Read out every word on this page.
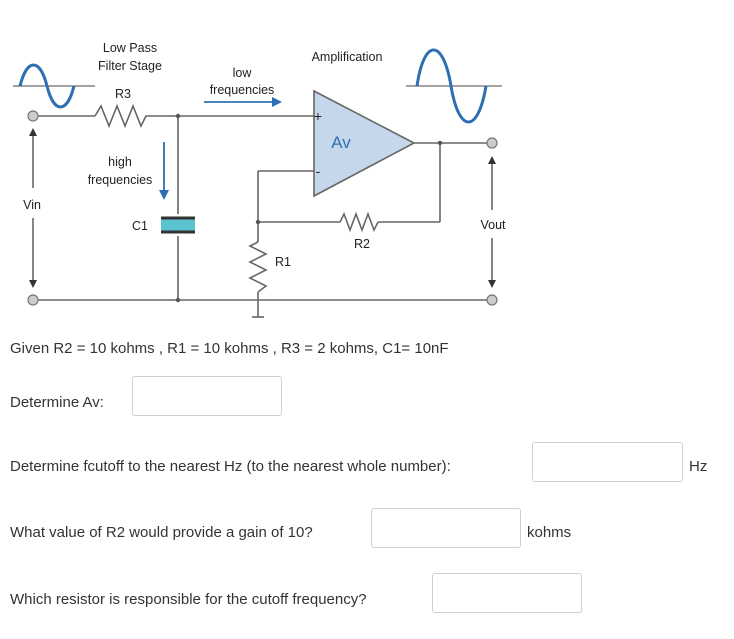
Low Pass
Filter Stage
Amplification
low
frequencies
high
frequencies
R3
C1
R1
R2
Av
Vin
Vout
+
-
Given R2 = 10 kohms , R1 = 10 kohms , R3 = 2 kohms, C1= 10nF
Determine Av:
Determine fcutoff to the nearest Hz (to the nearest whole number):	Hz
What value of R2 would provide a gain of 10?	kohms
Which resistor is responsible for the cutoff frequency?
